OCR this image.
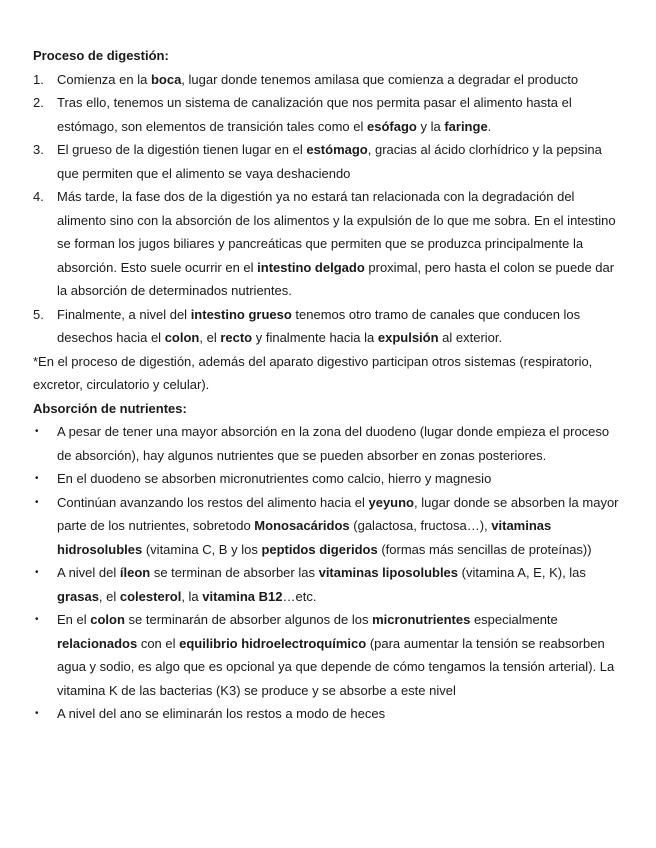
Proceso de digestión:
1. Comienza en la boca, lugar donde tenemos amilasa que comienza a degradar el producto
2. Tras ello, tenemos un sistema de canalización que nos permita pasar el alimento hasta el estómago, son elementos de transición tales como el esófago y la faringe.
3. El grueso de la digestión tienen lugar en el estómago, gracias al ácido clorhídrico y la pepsina que permiten que el alimento se vaya deshaciendo
4. Más tarde, la fase dos de la digestión ya no estará tan relacionada con la degradación del alimento sino con la absorción de los alimentos y la expulsión de lo que me sobra. En el intestino se forman los jugos biliares y pancreáticas que permiten que se produzca principalmente la absorción. Esto suele ocurrir en el intestino delgado proximal, pero hasta el colon se puede dar la absorción de determinados nutrientes.
5. Finalmente, a nivel del intestino grueso tenemos otro tramo de canales que conducen los desechos hacia el colon, el recto y finalmente hacia la expulsión al exterior.

*En el proceso de digestión, además del aparato digestivo participan otros sistemas (respiratorio, excretor, circulatorio y celular).

Absorción de nutrientes:
• A pesar de tener una mayor absorción en la zona del duodeno (lugar donde empieza el proceso de absorción), hay algunos nutrientes que se pueden absorber en zonas posteriores.
• En el duodeno se absorben micronutrientes como calcio, hierro y magnesio
• Continúan avanzando los restos del alimento hacia el yeyuno, lugar donde se absorben la mayor parte de los nutrientes, sobretodo Monosacáridos (galactosa, fructosa…), vitaminas hidrosolubles (vitamina C, B y los peptidos digeridos (formas más sencillas de proteínas))
• A nivel del íleon se terminan de absorber las vitaminas liposolubles (vitamina A, E, K), las grasas, el colesterol, la vitamina B12…etc.
• En el colon se terminarán de absorber algunos de los micronutrientes especialmente relacionados con el equilibrio hidroelectroquímico (para aumentar la tensión se reabsorben agua y sodio, es algo que es opcional ya que depende de cómo tengamos la tensión arterial). La vitamina K de las bacterias (K3) se produce y se absorbe a este nivel
• A nivel del ano se eliminarán los restos a modo de heces
